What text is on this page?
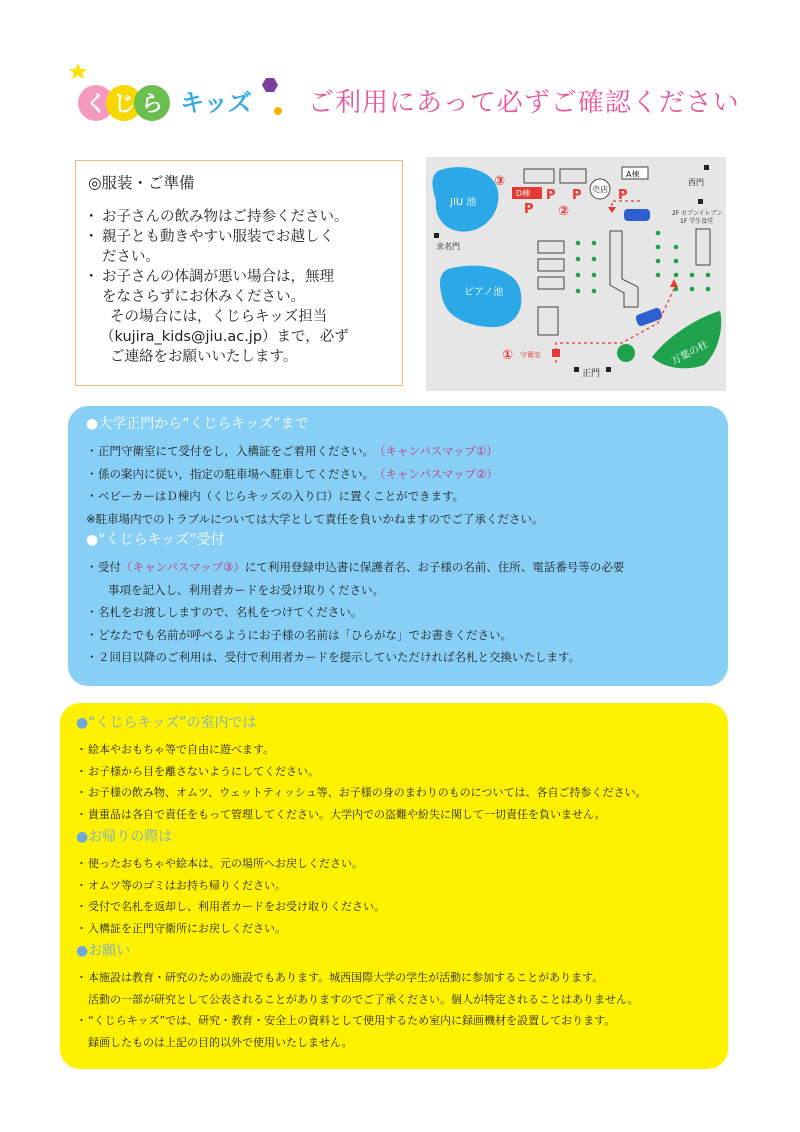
く じ ら キッズ ご利用にあって必ずご確認ください

◎服装・ご準備

・ お子さんの飲み物はご持参ください。
・ 親子とも動きやすい服装でお越しく
ださい。
・ お子さんの体調が悪い場合は，無理
をなさらずにお休みください。

その場合には，くじらキッズ担当

（kujira_kids@jiu.ac.jp）まで，必ず

ご連絡をお願いいたします。

JIU 池
ピアノ池
A棟
D棟	売店
③
②
P P
P
P
西門
2F セブンイレブン
1F 学生食堂
求名門
万葉の杜
① 守衛室
正門

●大学正門から“くじらキッズ”まで

・正門守衛室にて受付をし，入構証をご着用ください。　 （キャンパスマップ①）

・係の案内に従い，指定の駐車場へ駐車してください。　 （キャンパスマップ②）

・ベビーカーはＤ棟内（くじらキッズの入り口）に置くことができます。

※駐車場内でのトラブルについては大学として責任を負いかねますのでご了承ください。

●“くじらキッズ”受付

・受付（キャンパスマップ③）にて利用登録申込書に保護者名、お子様の名前、住所、電話番号等の必要

事項を記入し、利用者カードをお受け取りください。

・名札をお渡ししますので、名札をつけてください。

・どなたでも名前が呼べるようにお子様の名前は「ひらがな」でお書きください。

・２回目以降のご利用は、受付で利用者カードを提示していただければ名札と交換いたします。

●“くじらキッズ”の室内では

・絵本やおもちゃ等で自由に遊べます。

・お子様から目を離さないようにしてください。

・お子様の飲み物、オムツ、ウェットティッシュ等、お子様の身のまわりのものについては、各自ご持参ください。

・貴重品は各自で責任をもって管理してください。大学内での盗難や紛失に関して一切責任を負いません。

●お帰りの際は

・使ったおもちゃや絵本は、元の場所へお戻しください。

・オムツ等のゴミはお持ち帰りください。

・受付で名札を返却し、利用者カードをお受け取りください。

・入構証を正門守衛所にお戻しください。

●お願い

・本施設は教育・研究のための施設でもあります。城西国際大学の学生が活動に参加することがあります。

活動の一部が研究として公表されることがありますのでご了承ください。個人が特定されることはありません。

・“くじらキッズ”では、研究・教育・安全上の資料として使用するため室内に録画機材を設置しております。

録画したものは上記の目的以外で使用いたしません。
